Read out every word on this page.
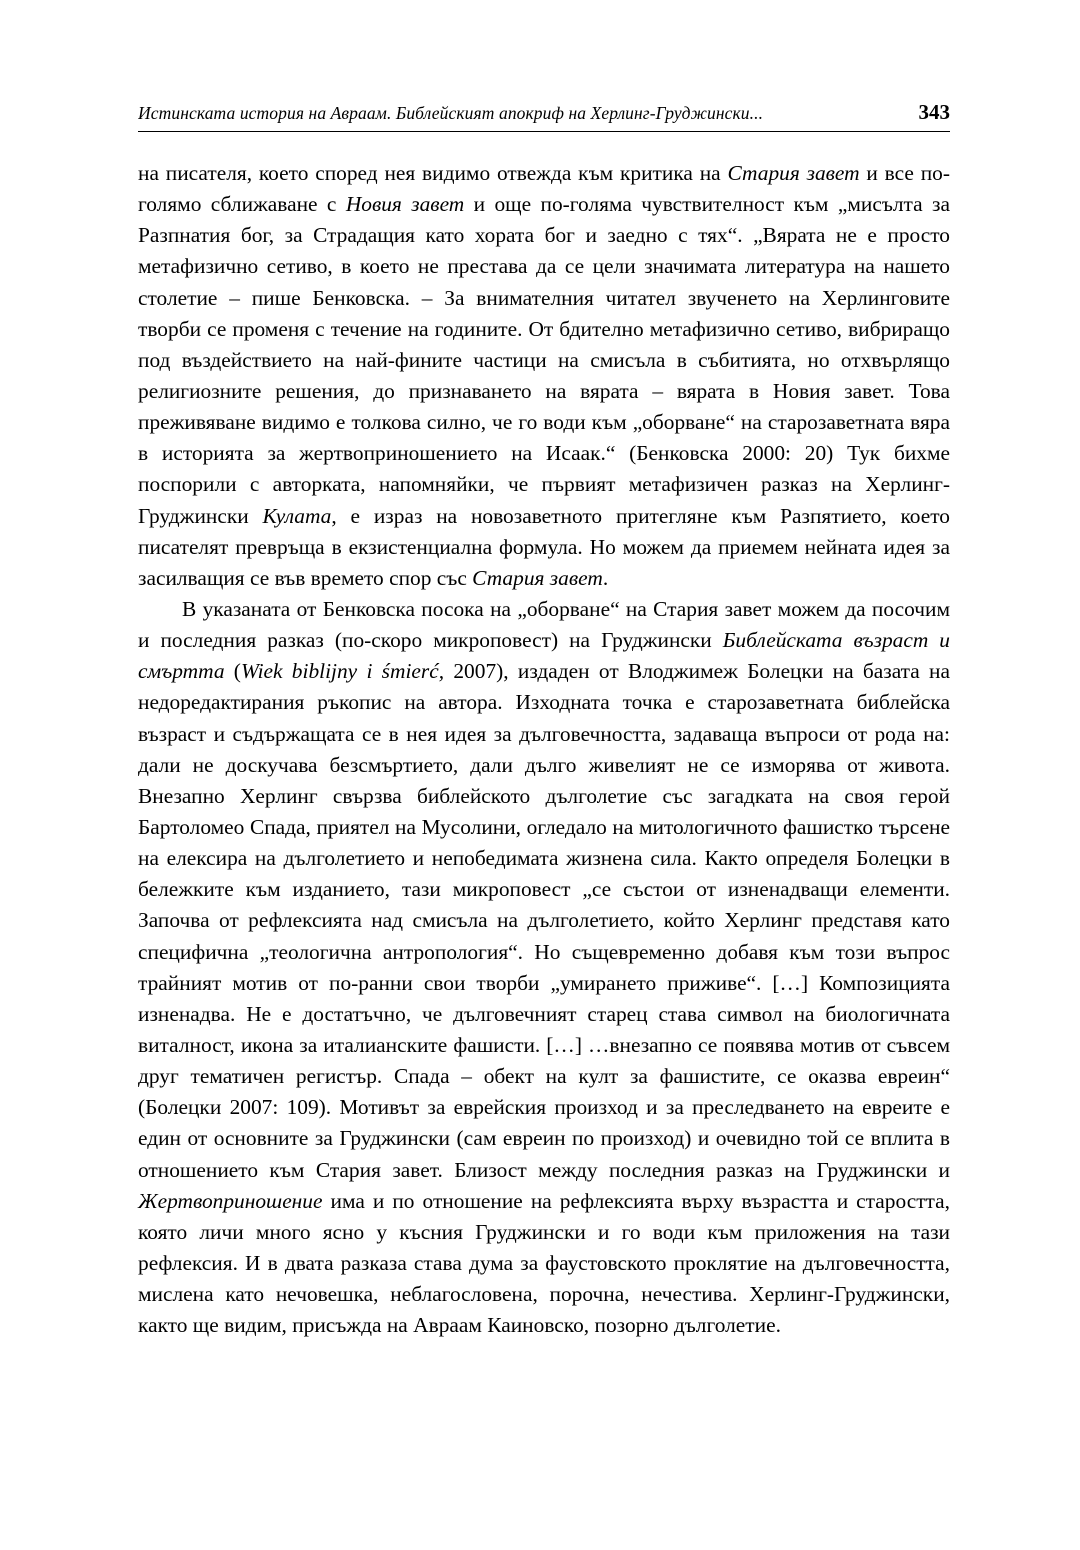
Истинската история на Авраам. Библейският апокриф на Херлинг-Груджински...	343

на писателя, което според нея видимо отвежда към критика на Стария завет и все по-голямо сближаване с Новия завет и още по-голяма чувствителност към „мисълта за Разпнатия бог, за Страдащия като хората бог и заедно с тях“. „Вярата не е просто метафизично сетиво, в което не престава да се цели значимата литература на нашето столетие – пише Бенковска. – За внимателния читател звученето на Херлинговите творби се променя с течение на годините. От бдително метафизично сетиво, вибриращо под въздействието на най-фините частици на смисъла в събитията, но отхвърлящо религиозните решения, до признаването на вярата – вярата в Новия завет. Това преживяване видимо е толкова силно, че го води към „оборване“ на старозаветната вяра в историята за жертвоприношението на Исаак.“ (Бенковска 2000: 20) Тук бихме поспорили с авторката, напомняйки, че първият метафизичен разказ на Херлинг-Груджински Кулата, е израз на новозаветното притегляне към Разпятието, което писателят превръща в екзистенциална формула. Но можем да приемем нейната идея за засилващия се във времето спор със Стария завет.

В указаната от Бенковска посока на „оборване“ на Стария завет можем да посочим и последния разказ (по-скоро микроповест) на Груджински Библейската възраст и смъртта (Wiek biblijny i śmierć, 2007), издаден от Влоджимеж Болецки на базата на недоредактирания ръкопис на автора. Изходната точка е старозаветната библейска възраст и съдържащата се в нея идея за дълговечността, задаваща въпроси от рода на: дали не доскучава безсмъртието, дали дълго живелият не се изморява от живота. Внезапно Херлинг свързва библейското дълголетие със загадката на своя герой Бартоломео Спада, приятел на Мусолини, огледало на митологичното фашистко търсене на елексира на дълголетието и непобедимата жизнена сила. Както определя Болецки в бележките към изданието, тази микроповест „се състои от изненадващи елементи. Започва от рефлексията над смисъла на дълголетието, който Херлинг представя като специфична „теологична антропология“. Но същевременно добавя към този въпрос трайният мотив от по-ранни свои творби „умирането приживе“. […] Композицията изненадва. Не е достатъчно, че дълговечният старец става символ на биологичната виталност, икона за италианските фашисти. […] …внезапно се появява мотив от съвсем друг тематичен регистър. Спада – обект на култ за фашистите, се оказва евреин“ (Болецки 2007: 109). Мотивът за еврейския произход и за преследването на евреите е един от основните за Груджински (сам евреин по произход) и очевидно той се вплита в отношението към Стария завет. Близост между последния разказ на Груджински и Жертвоприношение има и по отношение на рефлексията върху възрастта и старостта, която личи много ясно у късния Груджински и го води към приложения на тази рефлексия. И в двата разказа става дума за фаустовското проклятие на дълговечността, мислена като нечовешка, неблагословена, порочна, нечестива. Херлинг-Груджински, както ще видим, присъжда на Авраам Каиновско, позорно дълголетие.
